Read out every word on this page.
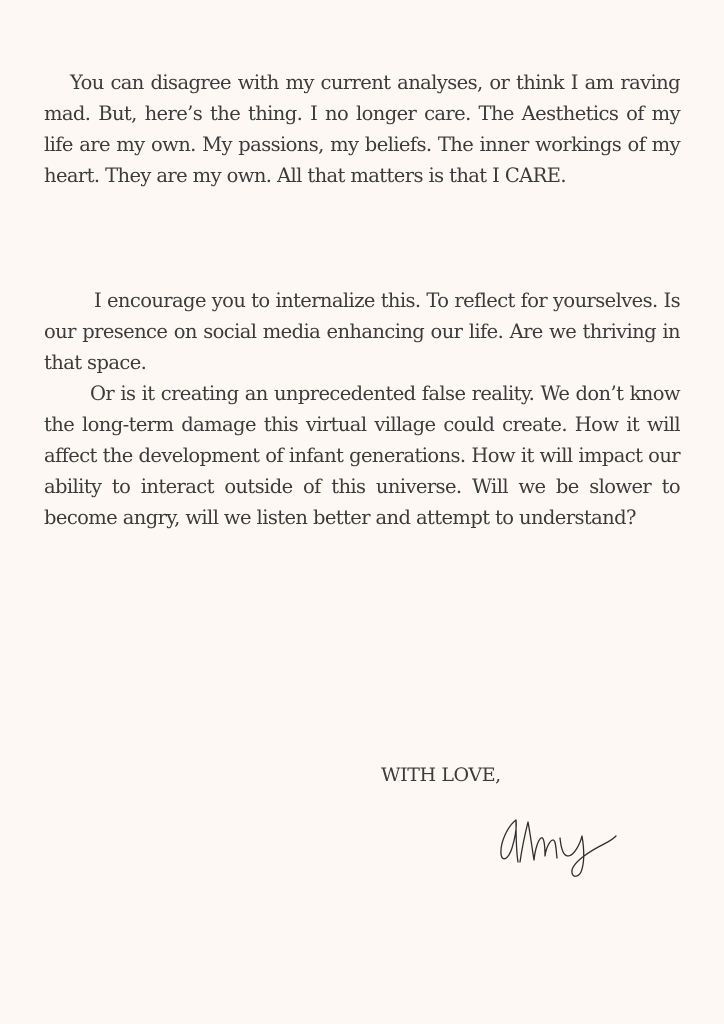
You can disagree with my current analyses, or think I am raving mad. But, here’s the thing. I no longer care. The Aesthetics of my life are my own. My passions, my beliefs. The inner workings of my heart. They are my own. All that matters is that I CARE.

I encourage you to internalize this. To reflect for yourselves. Is our presence on social media enhancing our life. Are we thriving in that space.

Or is it creating an unprecedented false reality. We don’t know the long-term damage this virtual village could create. How it will affect the development of infant generations. How it will impact our ability to interact outside of this universe. Will we be slower to become angry, will we listen better and attempt to understand?

WITH LOVE,
